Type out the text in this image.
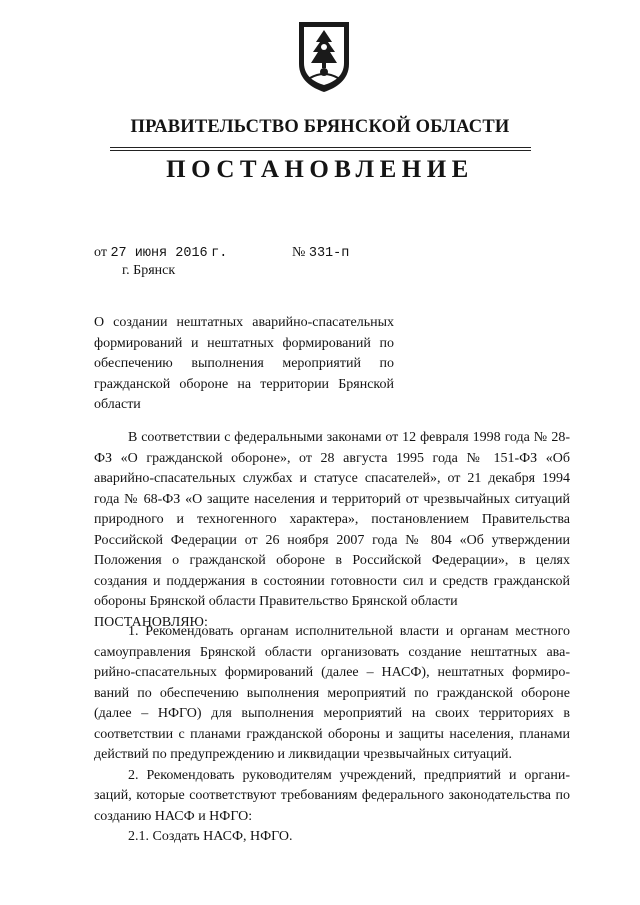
ПРАВИТЕЛЬСТВО БРЯНСКОЙ ОБЛАСТИ
ПОСТАНОВЛЕНИЕ
от 27 июня 2016 г.	№ 331-п
г. Брянск
О создании нештатных аварийно-спасательных формирований и нештатных формирований по обеспечению выполнения мероприятий по гражданской обороне на территории Брянской области

В соответствии с федеральными законами от 12 февраля 1998 года № 28-ФЗ «О гражданской обороне», от 28 августа 1995 года № 151-ФЗ «Об аварийно-спасательных службах и статусе спасателей», от 21 декабря 1994 года № 68-ФЗ «О защите населения и территорий от чрезвычайных ситуаций природного и техногенного характера», постановлением Правительства Российской Федерации от 26 ноября 2007 года № 804 «Об утверждении Положения о гражданской обороне в Российской Федерации», в целях создания и поддержания в состоянии готовности сил и средств гражданской обороны Брянской области Правительство Брянской области

ПОСТАНОВЛЯЮ:

1. Рекомендовать органам исполнительной власти и органам местного самоуправления Брянской области организовать создание нештатных аварийно-спасательных формирований (далее – НАСФ), нештатных формирований по обеспечению выполнения мероприятий по гражданской обороне (далее – НФГО) для выполнения мероприятий на своих территориях в соответствии с планами гражданской обороны и защиты населения, планами действий по предупреждению и ликвидации чрезвычайных ситуаций.

2. Рекомендовать руководителям учреждений, предприятий и организаций, которые соответствуют требованиям федерального законодательства по созданию НАСФ и НФГО:

2.1. Создать НАСФ, НФГО.
